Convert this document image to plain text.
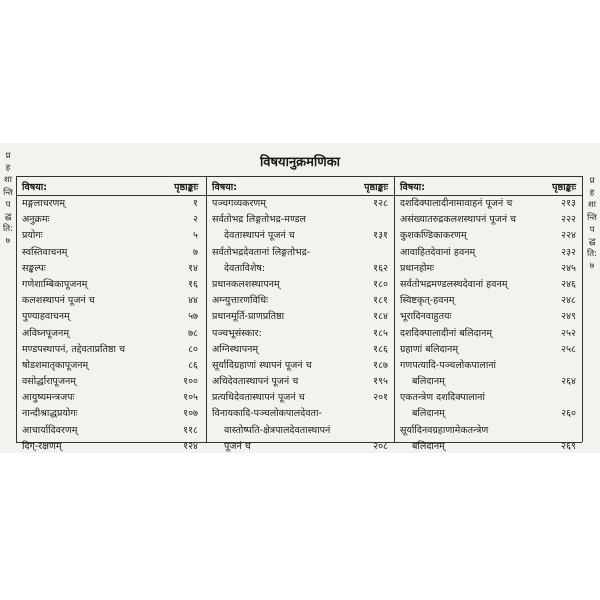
प्र
ह
शा
न्ति
प
द्ध
ति:
७
प्र
ह
शा
न्ति
प
द्ध
ति:
७
विषयानुक्रमणिका
विषया:	पृष्ठाङ्काः
मङ्गलाचरणम्	१
अनुक्रमः	२
प्रयोगः	५
स्वस्तिवाचनम्	७
सङ्कल्पः	१४
गणेशाम्बिकापूजनम्	१६
कलशस्थापनं पूजनं च	४४
पुण्याहवाचनम्	५७
अविघ्नपूजनम्	७८
मण्डपस्थापनं, तद्देवताप्रतिष्ठा च	८०
षोडशमातृकापूजनम्	८६
वसोर्द्धारापूजनम्	१००
आयुष्यमन्त्रजपः	१०५
नान्दीश्राद्धप्रयोगः	१०७
आचार्यादिवरणम्	११८
दिग्-रक्षणम्	१२४
विषया:	पृष्ठाङ्काः
पञ्चगव्यकरणम्	१२८
सर्वतोभद्र लिङ्गतोभद्र-मण्डल
देवतास्थापनं पूजनं च	१३१
सर्वतोभद्रदेवतानां लिङ्गतोभद्र-
देवताविशेष:	१६२
प्रधानकलशस्थापनम्	१८०
अग्न्युत्तारणविधिः	१८१
प्रधानमूर्ति-प्राणप्रतिष्ठा	१८४
पञ्चभूसंस्कार:	१८५
अग्निस्थापनम्	१८६
सूर्यादिग्रहाणां स्थापनं पूजनं च	१८७
अधिदेवतास्थापनं पूजनं च	१९५
प्रत्यधिदेवतास्थापनं पूजनं च	२०१
विनायकादि-पञ्चलोकपालदेवता-
वास्तोष्पति-क्षेत्रपालदेवतास्थापनं
पूजनं च	२०८
विषया:	पृष्ठाङ्काः
दशदिक्पालादीनामावाहनं पूजनं च	२१३
असंख्यातरुद्रकलशस्थापनं पूजनं च	२२२
कुशकण्डिकाकरणम्	२२४
आवाहितदेवानां हवनम्	२३२
प्रधानहोमः	२४५
सर्वतोभद्रमण्डलस्थदेवानां हवनम्	२४६
स्विष्टकृत्-हवनम्	२४८
भूरादिनवाहुतयः	२४९
दशदिक्पालादीनां बलिदानम्	२५२
ग्रहाणां बलिदानम्	२५८
गणपत्यादि-पञ्चलोकपालानां
बलिदानम्	२६४
एकतन्त्रेण दशदिक्पालानां
बलिदानम्	२६०
सूर्यादिनवग्रहाणामेकतन्त्रेण
बलिदानम्	२६९
